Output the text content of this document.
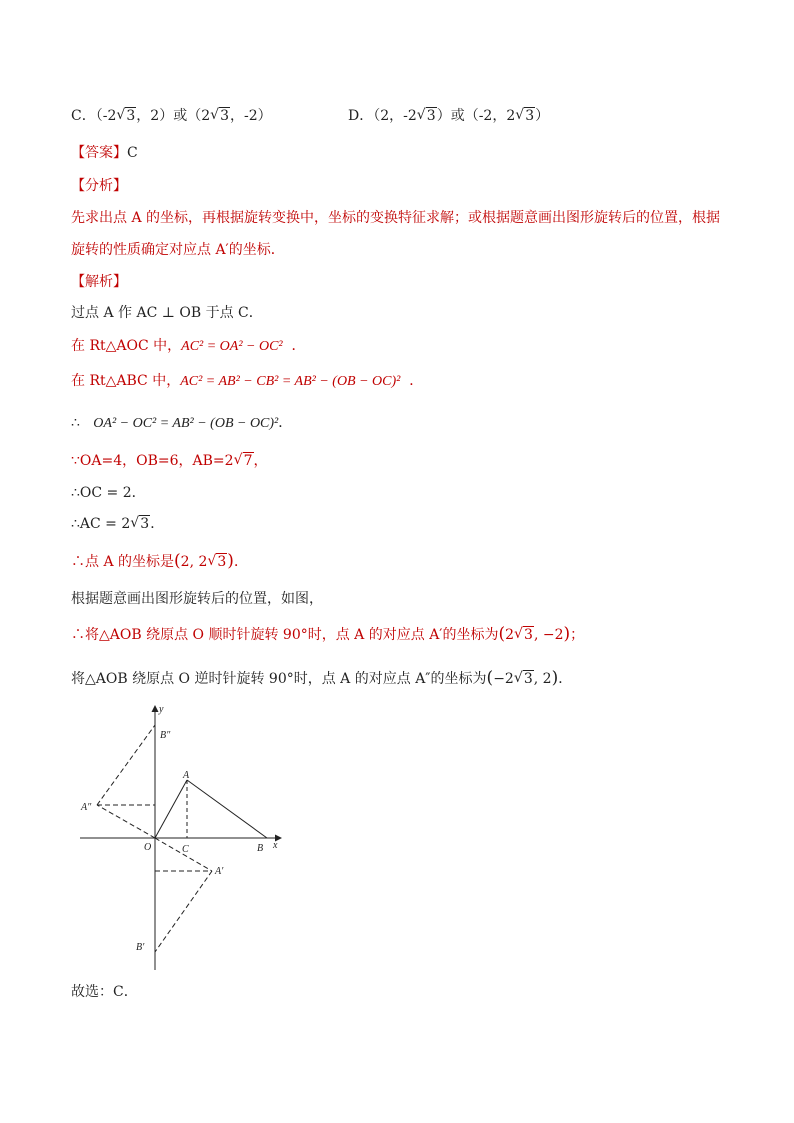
C．（-2 √ 3，2）或（2 √ 3，-2）	D．（2，-2 √ 3）或（-2，2 √ 3）
【答案】C
【分析】
先求出点 A 的坐标，再根据旋转变换中，坐标的变换特征求解；或根据题意画出图形旋转后的位置，根据
旋转的性质确定对应点 A′的坐标．
【解析】
过点 A 作 AC ⊥ OB 于点 C．
在 Rt△AOC 中，AC² = OA² − OC² ．
在 Rt△ABC 中，AC² = AB² − CB² = AB² − (OB − OC)² ．
∴ OA² − OC² = AB² − (OB − OC)²．
∵OA=4，OB=6，AB=2 √ 7，
∴OC = 2．
∴AC = 2 √ 3．
∴点 A 的坐标是(2, 2 √ 3)．
根据题意画出图形旋转后的位置，如图，
∴将△AOB 绕原点 O 顺时针旋转 90°时，点 A 的对应点 A′的坐标为(2 √ 3, −2)；
将△AOB 绕原点 O 逆时针旋转 90°时，点 A 的对应点 A″的坐标为(−2 √ 3, 2)．
y
x
O	C	B
A
A′
B′
A″
B″
故选：C．
